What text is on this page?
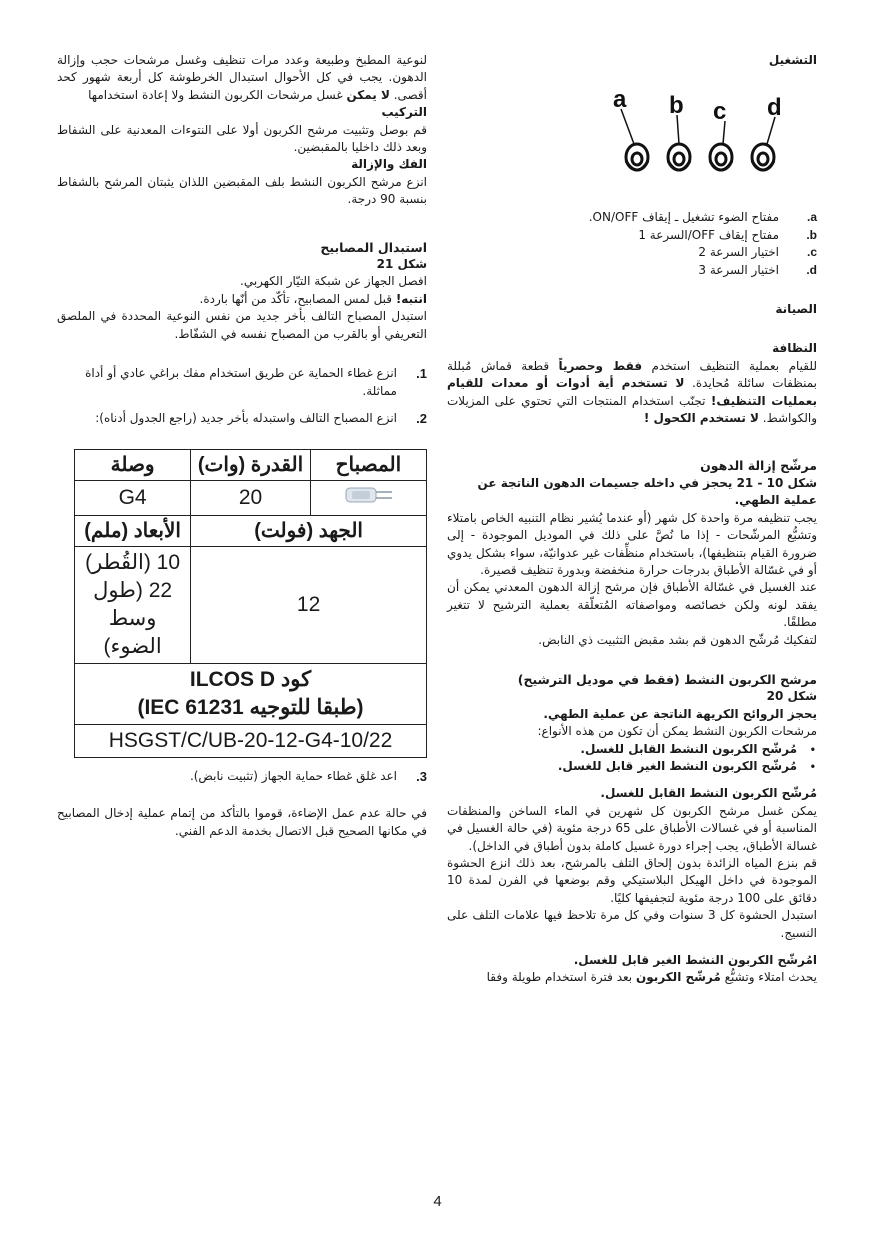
التشغيل

a b c d
a.
مفتاح الضوء تشغيل ـ إيقاف ON/OFF.
b.
مفتاح إيقاف OFF/السرعة 1
c.
اختيار السرعة 2
d.
اختيار السرعة 3

الصيانة

النظافة

للقيام بعملية التنظيف استخدم فقط وحصرياً قطعة قماش مُبللة بمنظفات سائلة مُحايدة. لا تستخدم أية أدوات أو معدات للقيام بعمليات التنظيف! تجنّب استخدام المنتجات التي تحتوي على المزيلات والكواشط. لا تستخدم الكحول !

مرشّح إزالة الدهون

شكل 10 - 21 يحجز في داخله جسيمات الدهون الناتجة عن عملية الطهي.

يجب تنظيفه مرة واحدة كل شهر (أو عندما يُشير نظام التنبيه الخاص بامتلاء وتشبُّع المرشّحات - إذا ما نُصَّ على ذلك في الموديل الموجودة - إلى ضرورة القيام بتنظيفها)، باستخدام منظِّفات غير عدوانيّة، سواء بشكل يدوي أو في غسّالة الأطباق بدرجات حرارة منخفضة وبدورة تنظيف قصيرة.

عند الغسيل في غسّالة الأطباق فإن مرشح إزالة الدهون المعدني يمكن أن يفقد لونه ولكن خصائصه ومواصفاته المُتعلّقة بعملية الترشيح لا تتغير مطلقًا.

لتفكيك مُرشّح الدهون قم بشد مقبض التثبيت ذي النابض.

مرشح الكربون النشط (فقط في موديل الترشيح)

شكل 20

يحجز الروائح الكريهة الناتجة عن عملية الطهي.

مرشحات الكربون النشط يمكن أن تكون من هذه الأنواع:

•
مُرشّح الكربون النشط القابل للغسل.
•
مُرشّح الكربون النشط الغير قابل للغسل.

مُرشّح الكربون النشط القابل للغسل.

يمكن غسل مرشح الكربون كل شهرين في الماء الساخن والمنظفات المناسبة أو في غسالات الأطباق على 65 درجة مئوية (في حالة الغسيل في غسالة الأطباق، يجب إجراء دورة غسيل كاملة بدون أطباق في الداخل).

قم بنزع المياه الزائدة بدون إلحاق التلف بالمرشح، بعد ذلك انزع الحشوة الموجودة في داخل الهيكل البلاستيكي وقم بوضعها في الفرن لمدة 10 دقائق على 100 درجة مئوية لتجفيفها كليًا.

استبدل الحشوة كل 3 سنوات وفي كل مرة تلاحظ فيها علامات التلف على النسيج.

امُرشّح الكربون النشط الغير قابل للغسل.

يحدث امتلاء وتشبُّع مُرشّح الكربون بعد فترة استخدام طويلة وفقا

لنوعية المطبخ وطبيعة وعدد مرات تنظيف وغسل مرشحات حجب وإزالة الدهون. يجب في كل الأحوال استبدال الخرطوشة كل أربعة شهور كحد أقصى. لا يمكن غسل مرشحات الكربون النشط ولا إعادة استخدامها

التركيب

قم بوصل وتثبيت مرشح الكربون أولا على النتوءات المعدنية على الشفاط وبعد ذلك داخليا بالمقبضين.

الفك والإزالة

انزع مرشح الكربون النشط بلف المقبضين اللذان يثبتان المرشح بالشفاط بنسبة 90 درجة.

استبدال المصابيح

شكل 21

افصل الجهاز عن شبكة التيّار الكهربي.

انتبه! قبل لمس المصابيح، تأكّد من أنّها باردة.

استبدل المصباح التالف بأخر جديد من نفس النوعية المحددة في الملصق التعريفي أو بالقرب من المصباح نفسه في الشفّاط.

1.
انزع غطاء الحماية عن طريق استخدام مفك براغي عادي أو أداة مماثلة.
2.
انزع المصباح التالف واستبدله بأخر جديد (راجع الجدول أدناه):
المصباح	القدرة (وات)	وصلة
	20	G4
الجهد (فولت)		الأبعاد (ملم)
12		10 (القُطر) 22 (طول وسط الضوء)

كود ILCOS D
(طبقا للتوجيه IEC 61231)		

HSGST/C/UB-20-12-G4-10/22		
3.
اعد غلق غطاء حماية الجهاز (تثبيت نابض).

في حالة عدم عمل الإضاءة، قوموا بالتأكد من إتمام عملية إدخال المصابيح في مكانها الصحيح قبل الاتصال بخدمة الدعم الفني.

4
